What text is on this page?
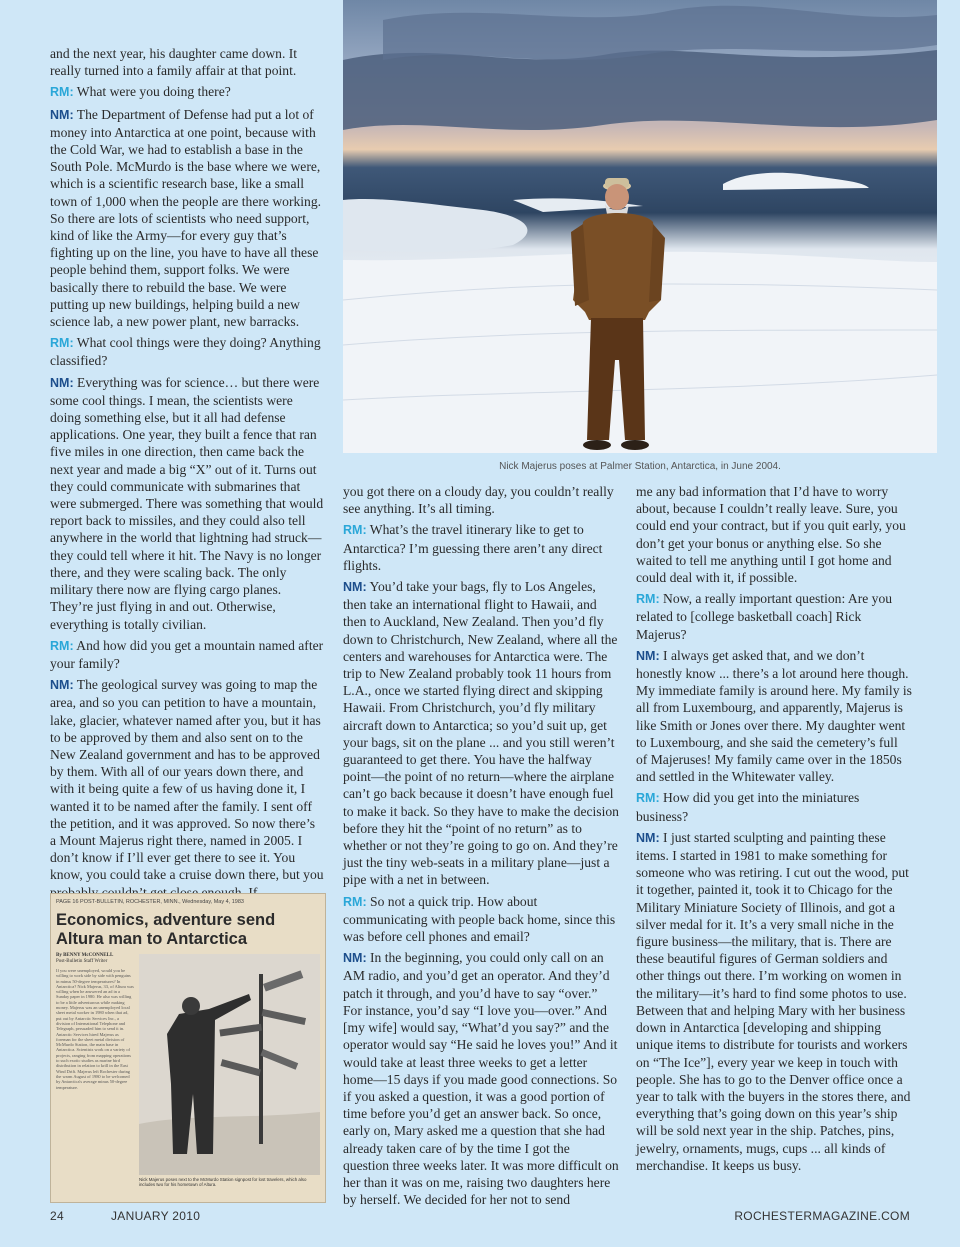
and the next year, his daughter came down. It really turned into a family affair at that point.

RM: What were you doing there?

NM: The Department of Defense had put a lot of money into Antarctica at one point, because with the Cold War, we had to establish a base in the South Pole. McMurdo is the base where we were, which is a scientific research base, like a small town of 1,000 when the people are there working. So there are lots of scientists who need support, kind of like the Army—for every guy that’s fighting up on the line, you have to have all these people behind them, support folks. We were basically there to rebuild the base. We were putting up new buildings, helping build a new science lab, a new power plant, new barracks.

RM: What cool things were they doing? Anything classified?

NM: Everything was for science… but there were some cool things. I mean, the scientists were doing something else, but it all had defense applications. One year, they built a fence that ran five miles in one direction, then came back the next year and made a big “X” out of it. Turns out they could communicate with submarines that were submerged. There was something that would report back to missiles, and they could also tell anywhere in the world that lightning had struck—they could tell where it hit. The Navy is no longer there, and they were scaling back. The only military there now are flying cargo planes. They’re just flying in and out. Otherwise, everything is totally civilian.

RM: And how did you get a mountain named after your family?

NM: The geological survey was going to map the area, and so you can petition to have a mountain, lake, glacier, whatever named after you, but it has to be approved by them and also sent on to the New Zealand government and has to be approved by them. With all of our years down there, and with it being quite a few of us having done it, I wanted it to be named after the family. I sent off the petition, and it was approved. So now there’s a Mount Majerus right there, named in 2005. I don’t know if I’ll ever get there to see it. You know, you could take a cruise down there, but you

Nick Majerus poses at Palmer Station, Antarctica, in June 2004.

you got there on a cloudy day, you couldn’t really see anything. It’s all timing.

RM: What’s the travel itinerary like to get to Antarctica? I’m guessing there aren’t any direct flights.

NM: You’d take your bags, fly to Los Angeles, then take an international flight to Hawaii, and then to Auckland, New Zealand. Then you’d fly down to Christchurch, New Zealand, where all the centers and warehouses for Antarctica were. The trip to New Zealand probably took 11 hours from L.A., once we started flying direct and skipping Hawaii. From Christchurch, you’d fly military aircraft down to Antarctica; so you’d suit up, get your bags, sit on the plane ... and you still weren’t guaranteed to get there. You have the halfway point—the point of no return—where the airplane can’t go back because it doesn’t have enough fuel to make it back. So they have to make the decision before they hit the “point of no return” as to whether or not they’re going to go on. And they’re just the tiny web-seats in a military plane—just a pipe with a net in between.

RM: So not a quick trip. How about communicating with people back home, since this was before cell phones and email?

NM: In the beginning, you could only call on an AM radio, and you’d get an operator. And they’d patch it through, and you’d have to say “over.” For instance, you’d say “I love you—over.” And [my wife] would say, “What’d you say?” and the operator would say “He said he loves you!” And it would take at least three weeks to get a letter home—15 days if you made good connections. So if you asked a question, it was a good portion of time before you’d get an answer back. So once, early on, Mary asked me a question that she had already taken care of by the time I got the question three weeks later. It was more difficult on her than it was on me, raising two daughters here by herself. We decided for her not to send

me any bad information that I’d have to worry about, because I couldn’t really leave. Sure, you could end your contract, but if you quit early, you don’t get your bonus or anything else. So she waited to tell me anything until I got home and could deal with it, if possible.

RM: Now, a really important question: Are you related to [college basketball coach] Rick Majerus?

NM: I always get asked that, and we don’t honestly know ... there’s a lot around here though. My immediate family is around here. My family is all from Luxembourg, and apparently, Majerus is like Smith or Jones over there. My daughter went to Luxembourg, and she said the cemetery’s full of Majeruses! My family came over in the 1850s and settled in the Whitewater valley.

RM: How did you get into the miniatures business?

NM: I just started sculpting and painting these items. I started in 1981 to make something for someone who was retiring. I cut out the wood, put it together, painted it, took it to Chicago for the Military Miniature Society of Illinois, and got a silver medal for it. It’s a very small niche in the figure business—the military, that is. There are these beautiful figures of German soldiers and other things out there. I’m working on women in the military—it’s hard to find some photos to use. Between that and helping Mary with her business down in Antarctica [developing and shipping unique items to distribute for tourists and workers on “The Ice”], every year we keep in touch with people. She has to go to the Denver office once a year to talk with the buyers in the stores there, and everything that’s going down on this year’s ship will be sold next year in the ship. Patches, pins, jewelry, ornaments, mugs, cups ... all kinds of merchandise. It keeps us busy.

PAGE 16 POST-BULLETIN, ROCHESTER, MINN., Wednesday, May 4, 1983
Economics, adventure send Altura man to Antarctica
By BENNY McCONNELL
Post-Bulletin Staff Writer
If you were unemployed, would you be willing to work side by side with penguins in minus 50-degree temperatures? In Antarctica? Nick Majerus, 33, of Altura was willing when he answered an ad in a Sunday paper in 1980. He also was willing to be a little adventurous while making money. Majerus was an unemployed local sheet metal worker in 1980 when that ad, put out by Antarctic Services Inc., a division of International Telephone and Telegraph, persuaded him to send it in. Antarctic Services hired Majerus as foreman for the sheet metal division of McMurdo Station, the main base in Antarctica. Scientists work on a variety of projects, ranging from mapping operations to such exotic studies as marine bird distribution in relation to krill in the East Wind Drift. Majerus left Rochester during the warm August of 1980 to be welcomed by Antarctica's average minus 50-degree temperature.
Nick Majerus poses next to the McMurdo Station signpost for lost travelers, which also includes two for his hometown of Altura.
24	JANUARY 2010	ROCHESTERMAGAZINE.COM
